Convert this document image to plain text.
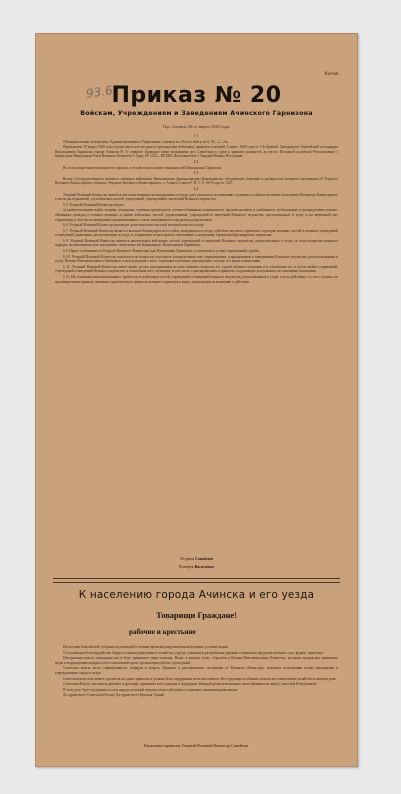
93.6
Копия.
Приказ № 20
Войскам, Учреждениям и Заведениям Ачинского Гарнизона
Гор. Ачинск 20-го марта 1920 года.

§ 1.

Объявляю копию телеграммы Администратирного Управления о приказе по 18 всех войск за № 39—2—3/н.

Переключен 19 марта 1920 года осуществить все несдачи и прекращение войсковых приказов основной 2 марта 1920 года от 1-й Армией. Гражданских Енисейской ассоциации Начальником Гарнизона города Ачинска Я. Э. главного Граждано связи полковника дол. Совобладу к сдаче и принять должность до места. Походной подписью Расположение 1 Комиссиям Минусинска Член Военного Комитета Г. Град. БР 1210—П0 ЕВС Исполнителем 1 Гвардии Военно Постоянно.

§ 2.

Во исполнение вышеупомянутого приказа, вступаю в исполнение обязанностей Начальника Гарнизона.

§ 3.

Всему «Сосредоточенного военного материал войсковых Начальников» функционаторы Комендантам, обладающих степенью и должностью военного экспозиции об Уездного Военного Комиссариата «Ачинск, Уездного Военного Комиссариата». г. Ачинск Совета Р. В. С. Р. 1919 года № 1947.

§ 4.

Уездный Военный Комиссар является местным военным командованием в уезде, дает указания к исполнению служащим и обязательствами исполнения Военному Комиссариату в части распоряжений, где войсковых частей, учреждений, учреждений и заведений Военного ведомства.

§ 5. Уездный Военный Комиссар ведает:

а) укомплектование войск людьми, лошадьми, гужевым транспортом, военно-обязанным контингентом, продовольствием и снабжением, мобилизацию и распределение военно-обязанных граждан и военнослужащих и армии войсковых частей, управлениями, учреждений и заведений Военного ведомства, расположенных в уезде и на вверенной ему территории, в чем числе заведений и органов военного союза, находящихся в пределах распределения.

§ 6. Уездный Военный Комиссар руководит деятельностью местной военной власти в уезде.

§ 7. Уездный Военный Комиссар является высшим Командиром всех войск, находящихся в уезде, действие местного гарнизона, в резерве военных частей и военных учреждений и заведений управления, расположенных в уезде, в сохранении за ним прав по отношению к начальнику гарнизона Красноярского гарнизона.

§ 8. Уездный Военный Комиссар является инспектором войсковых частей, учреждений и заведений Военного ведомства, расположенных в уезде, по всем вопросам военного порядка, не вмешиваясь в их внутренние, вверенные им Командирам, Начальникам Гарнизона.

§ 9. Право и обязанности Уездного Военного Комиссара, как Начальника Гарнизона, установлено в уставе гарнизонной службы.

§ 10. Уездный Военный Комиссар пользуется по вопросам отдельного распределения ему, управлениями, учреждениями и заведениями Военного ведомства, расположенными в уезде, Военно-Революционного Трибунала, в нем суждения о всех, служащих в военных учреждениях, в уезде, и в каких отношениях.

§ 11. Уездный Военный Комиссар имеет право делать распоряжения во всех военных вопросах по службе военно-служащим и в отношении их, в части любых управлений, учреждений и заведений Военного ведомства, в отношении всех служащих, в том числе о распоряжениях и приказах, подлежащих исполнению, на основании положения.

§ 12. На основании вышеизложенного требуется от войсковых частей, учреждений и заведений военного ведомства, расположенных в уезде, о всех действиях, и о всех случаях, не противоречащих приказу, имеющих практическую ценность военного характера и иных, подлежащих исполнению о действии.

Уездком Самойлов
Военрук Василенко
К населению города Ачинска и его уезда
Товарищи Граждане!
рабочие и крестьяне

Населению Енисейской губернии подлежащей в течение времени разрушительной военных условий жизни.

Отступающие белогвардейские банды оставили разрушенное хозяйство, города, сожжены и разграблены деревни, и вывезены продукты питания, скот, фураж, транспорт.

Центральная власть, находящая нас в беде, принимает меры помощи. Ныне, в каждом уезде, образуются Военно-Революционные Комитеты, которым предписано принимать меры к возрождению порядка и восстановлению прав, организации работы учреждений.

Советская власть несет справедливость, порядок и защиту. Приказы и распоряжения, исходящие от Военного Комиссара, подлежат исполнению всеми гражданами и учреждениями города и уезда.

Советская власть не может строиться на одних приказах и должна быть поддержана всем населением. Все трудящиеся обязаны помочь восстановлению хозяйства в каждом доме.

Советская Власть, как власть рабочих и крестьян, призывает всех граждан к поддержке. Каждый должен выполнять свои обязанности перед Советской Республикой.

В этом деле будет подчеркнута сила народа, который свергнул власть Колчака и сохраняет завоевания революции.

Да здравствует Советская Россия! Да здравствует Красная Армия!

Начальник гарнизона Уездный Военный Комиссар Самойлов.
